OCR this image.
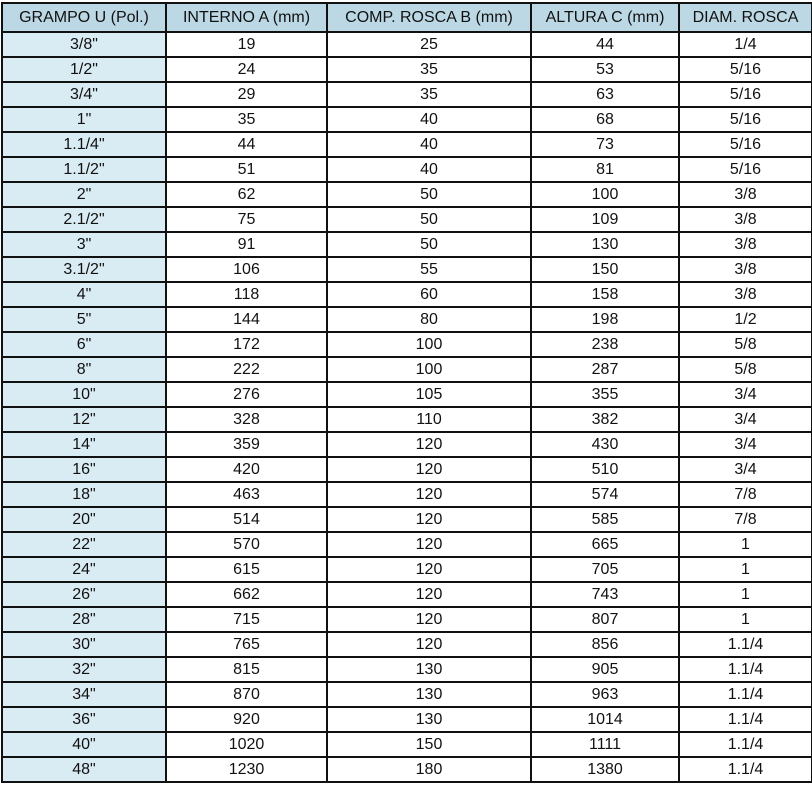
GRAMPO U (Pol.)	INTERNO A (mm)	COMP. ROSCA B (mm)	ALTURA C (mm)	DIAM. ROSCA
3/8"	19	25	44	1/4
1/2"	24	35	53	5/16
3/4"	29	35	63	5/16
1"	35	40	68	5/16
1.1/4"	44	40	73	5/16
1.1/2"	51	40	81	5/16
2"	62	50	100	3/8
2.1/2"	75	50	109	3/8
3"	91	50	130	3/8
3.1/2"	106	55	150	3/8
4"	118	60	158	3/8
5"	144	80	198	1/2
6"	172	100	238	5/8
8"	222	100	287	5/8
10"	276	105	355	3/4
12"	328	110	382	3/4
14"	359	120	430	3/4
16"	420	120	510	3/4
18"	463	120	574	7/8
20"	514	120	585	7/8
22"	570	120	665	1
24"	615	120	705	1
26"	662	120	743	1
28"	715	120	807	1
30"	765	120	856	1.1/4
32"	815	130	905	1.1/4
34"	870	130	963	1.1/4
36"	920	130	1014	1.1/4
40"	1020	150	1111	1.1/4
48"	1230	180	1380	1.1/4
